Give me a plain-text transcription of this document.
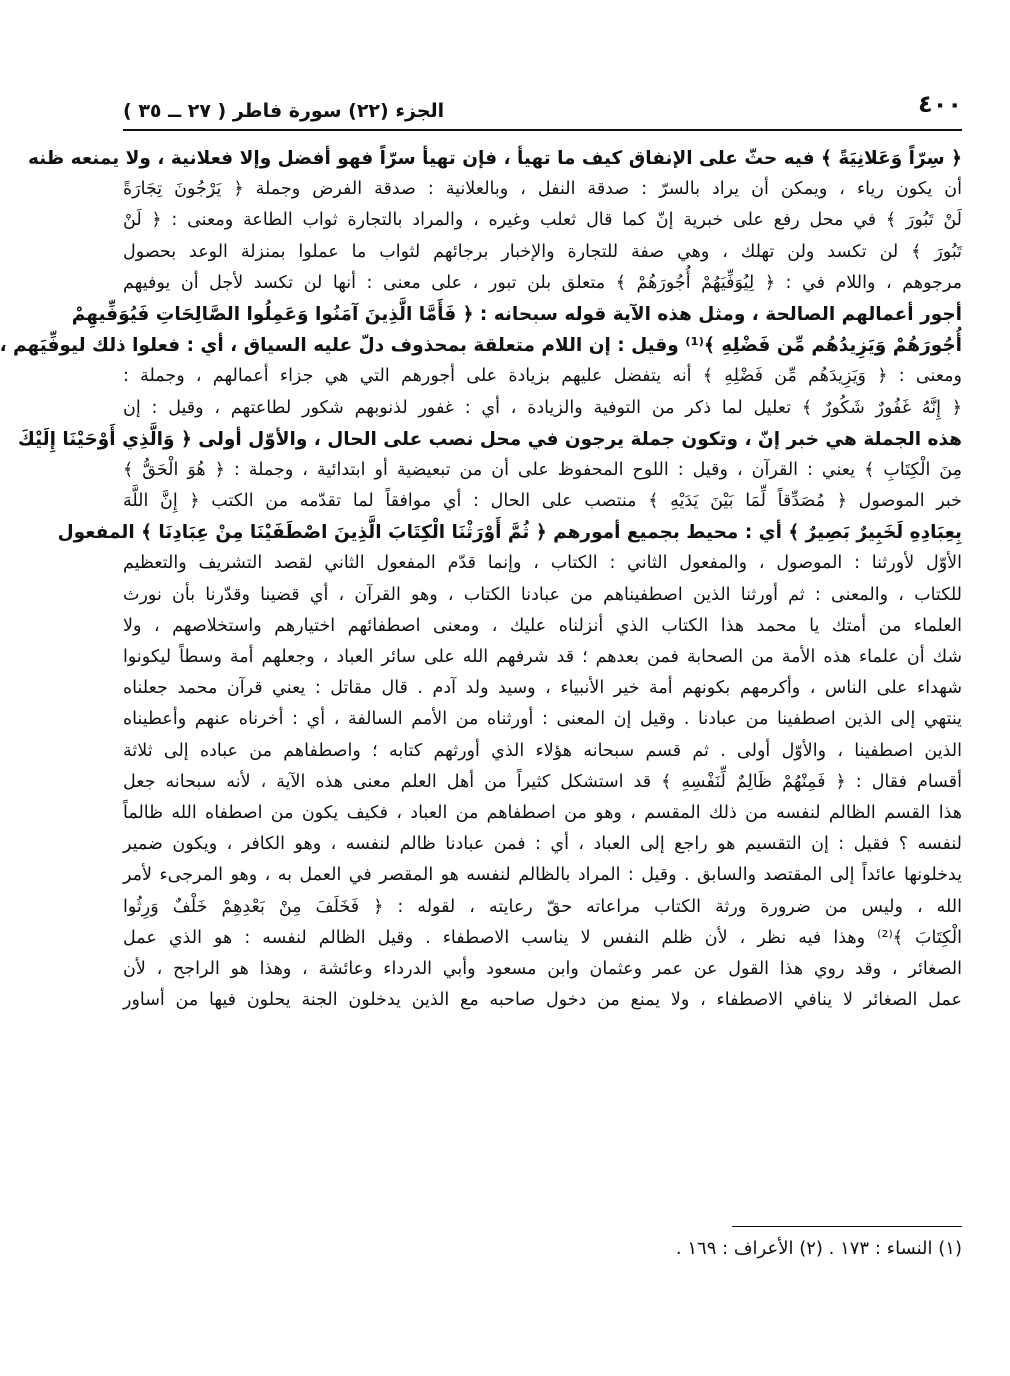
٤٠٠
الجزء (٢٢) سورة فاطر ( ٢٧ ــ ٣٥ )
﴿ سِرّاً وَعَلانِيَةً ﴾ فيه حثّ على الإنفاق كيف ما تهيأ ، فإن تهيأ سرّاً فهو أفضل وإلا فعلانية ، ولا يمنعه ظنه
أن يكون رياء ، ويمكن أن يراد بالسرّ : صدقة النفل ، وبالعلانية : صدقة الفرض وجملة ﴿ يَرْجُونَ تِجَارَةً
لَنْ تَبُورَ ﴾ في محل رفع على خبرية إنّ كما قال ثعلب وغيره ، والمراد بالتجارة ثواب الطاعة ومعنى : ﴿ لَنْ
تَبُورَ ﴾ لن تكسد ولن تهلك ، وهي صفة للتجارة والإخبار برجائهم لثواب ما عملوا بمنزلة الوعد بحصول
مرجوهم ، واللام في : ﴿ لِيُوَفِّيَهُمْ أُجُورَهُمْ ﴾ متعلق بلن تبور ، على معنى : أنها لن تكسد لأجل أن يوفيهم
أجور أعمالهم الصالحة ، ومثل هذه الآية قوله سبحانه : ﴿ فَأَمَّا الَّذِينَ آمَنُوا وَعَمِلُوا الصَّالِحَاتِ فَيُوَفِّيهِمْ
أُجُورَهُمْ وَيَزِيدُهُم مِّن فَضْلِهِ ﴾⁽¹⁾ وقيل : إن اللام متعلقة بمحذوف دلّ عليه السياق ، أي : فعلوا ذلك ليوفِّيَهم ،
ومعنى : ﴿ وَيَزِيدَهُم مِّن فَضْلِهِ ﴾ أنه يتفضل عليهم بزيادة على أجورهم التي هي جزاء أعمالهم ، وجملة :
﴿ إِنَّهُ غَفُورٌ شَكُورٌ ﴾ تعليل لما ذكر من التوفية والزيادة ، أي : غفور لذنوبهم شكور لطاعتهم ، وقيل : إن
هذه الجملة هي خبر إنّ ، وتكون جملة يرجون في محل نصب على الحال ، والأوّل أولى ﴿ وَالَّذِي أَوْحَيْنَا إِلَيْكَ
مِنَ الْكِتَابِ ﴾ يعني : القرآن ، وقيل : اللوح المحفوظ على أن من تبعيضية أو ابتدائية ، وجملة : ﴿ هُوَ الْحَقُّ ﴾
خبر الموصول ﴿ مُصَدِّقاً لِّمَا بَيْنَ يَدَيْهِ ﴾ منتصب على الحال : أي موافقاً لما تقدّمه من الكتب ﴿ إِنَّ اللَّهَ
بِعِبَادِهِ لَخَبِيرٌ بَصِيرٌ ﴾ أي : محيط بجميع أمورهم ﴿ ثُمَّ أَوْرَثْنَا الْكِتَابَ الَّذِينَ اصْطَفَيْنَا مِنْ عِبَادِنَا ﴾ المفعول
الأوّل لأورثنا : الموصول ، والمفعول الثاني : الكتاب ، وإنما قدّم المفعول الثاني لقصد التشريف والتعظيم
للكتاب ، والمعنى : ثم أورثنا الذين اصطفيناهم من عبادنا الكتاب ، وهو القرآن ، أي قضينا وقدّرنا بأن نورث
العلماء من أمتك يا محمد هذا الكتاب الذي أنزلناه عليك ، ومعنى اصطفائهم اختيارهم واستخلاصهم ، ولا
شك أن علماء هذه الأمة من الصحابة فمن بعدهم ؛ قد شرفهم الله على سائر العباد ، وجعلهم أمة وسطاً ليكونوا
شهداء على الناس ، وأكرمهم بكونهم أمة خير الأنبياء ، وسيد ولد آدم . قال مقاتل : يعني قرآن محمد جعلناه
ينتهي إلى الذين اصطفينا من عبادنا . وقيل إن المعنى : أورثناه من الأمم السالفة ، أي : أخرناه عنهم وأعطيناه
الذين اصطفينا ، والأوّل أولى . ثم قسم سبحانه هؤلاء الذي أورثهم كتابه ؛ واصطفاهم من عباده إلى ثلاثة
أقسام فقال : ﴿ فَمِنْهُمْ ظَالِمٌ لِّنَفْسِهِ ﴾ قد استشكل كثيراً من أهل العلم معنى هذه الآية ، لأنه سبحانه جعل
هذا القسم الظالم لنفسه من ذلك المقسم ، وهو من اصطفاهم من العباد ، فكيف يكون من اصطفاه الله ظالماً
لنفسه ؟ فقيل : إن التقسيم هو راجع إلى العباد ، أي : فمن عبادنا ظالم لنفسه ، وهو الكافر ، ويكون ضمير
يدخلونها عائداً إلى المقتصد والسابق . وقيل : المراد بالظالم لنفسه هو المقصر في العمل به ، وهو المرجىء لأمر
الله ، وليس من ضرورة ورثة الكتاب مراعاته حقّ رعايته ، لقوله : ﴿ فَخَلَفَ مِنْ بَعْدِهِمْ خَلْفٌ وَرِثُوا
الْكِتَابَ ﴾⁽²⁾ وهذا فيه نظر ، لأن ظلم النفس لا يناسب الاصطفاء . وقيل الظالم لنفسه : هو الذي عمل
الصغائر ، وقد روي هذا القول عن عمر وعثمان وابن مسعود وأبي الدرداء وعائشة ، وهذا هو الراجح ، لأن
عمل الصغائر لا ينافي الاصطفاء ، ولا يمنع من دخول صاحبه مع الذين يدخلون الجنة يحلون فيها من أساور
(١) النساء : ١٧٣ . (٢) الأعراف : ١٦٩ .
